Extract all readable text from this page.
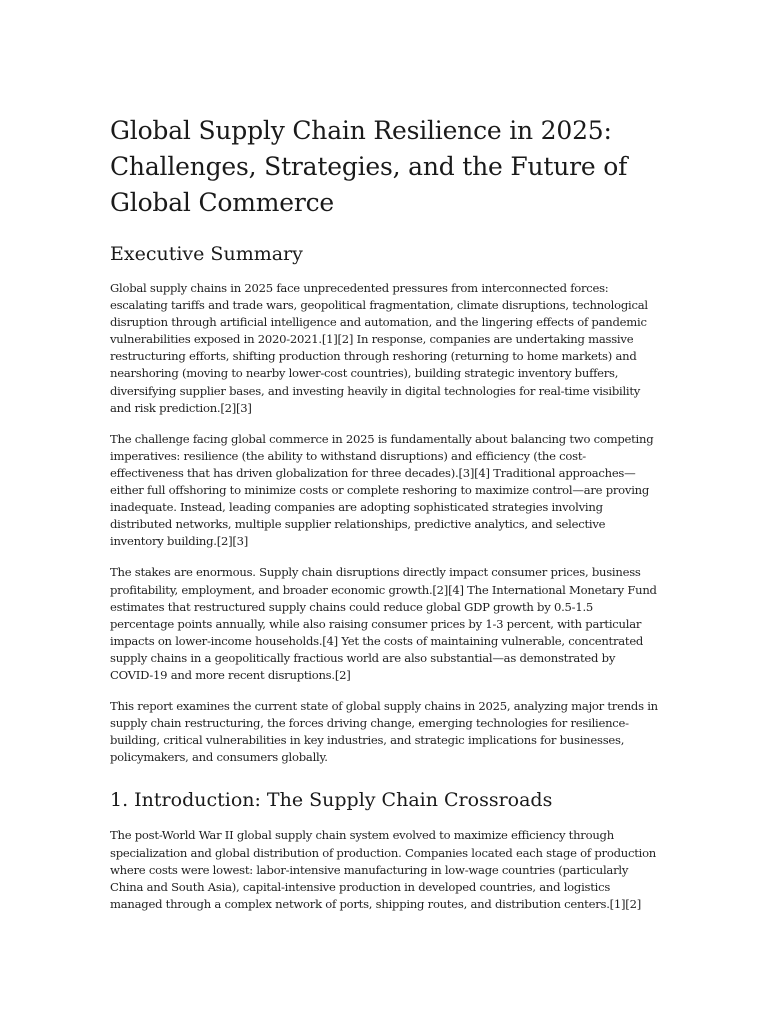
Global Supply Chain Resilience in 2025: Challenges, Strategies, and the Future of Global Commerce
Executive Summary

Global supply chains in 2025 face unprecedented pressures from interconnected forces: escalating tariffs and trade wars, geopolitical fragmentation, climate disruptions, technological disruption through artificial intelligence and automation, and the lingering effects of pandemic vulnerabilities exposed in 2020-2021.[1][2] In response, companies are undertaking massive restructuring efforts, shifting production through reshoring (returning to home markets) and nearshoring (moving to nearby lower-cost countries), building strategic inventory buffers, diversifying supplier bases, and investing heavily in digital technologies for real-time visibility and risk prediction.[2][3]

The challenge facing global commerce in 2025 is fundamentally about balancing two competing imperatives: resilience (the ability to withstand disruptions) and efficiency (the cost-effectiveness that has driven globalization for three decades).[3][4] Traditional approaches—either full offshoring to minimize costs or complete reshoring to maximize control—are proving inadequate. Instead, leading companies are adopting sophisticated strategies involving distributed networks, multiple supplier relationships, predictive analytics, and selective inventory building.[2][3]

The stakes are enormous. Supply chain disruptions directly impact consumer prices, business profitability, employment, and broader economic growth.[2][4] The International Monetary Fund estimates that restructured supply chains could reduce global GDP growth by 0.5-1.5 percentage points annually, while also raising consumer prices by 1-3 percent, with particular impacts on lower-income households.[4] Yet the costs of maintaining vulnerable, concentrated supply chains in a geopolitically fractious world are also substantial—as demonstrated by COVID-19 and more recent disruptions.[2]

This report examines the current state of global supply chains in 2025, analyzing major trends in supply chain restructuring, the forces driving change, emerging technologies for resilience-building, critical vulnerabilities in key industries, and strategic implications for businesses, policymakers, and consumers globally.

1. Introduction: The Supply Chain Crossroads

The post-World War II global supply chain system evolved to maximize efficiency through specialization and global distribution of production. Companies located each stage of production where costs were lowest: labor-intensive manufacturing in low-wage countries (particularly China and South Asia), capital-intensive production in developed countries, and logistics managed through a complex network of ports, shipping routes, and distribution centers.[1][2]
